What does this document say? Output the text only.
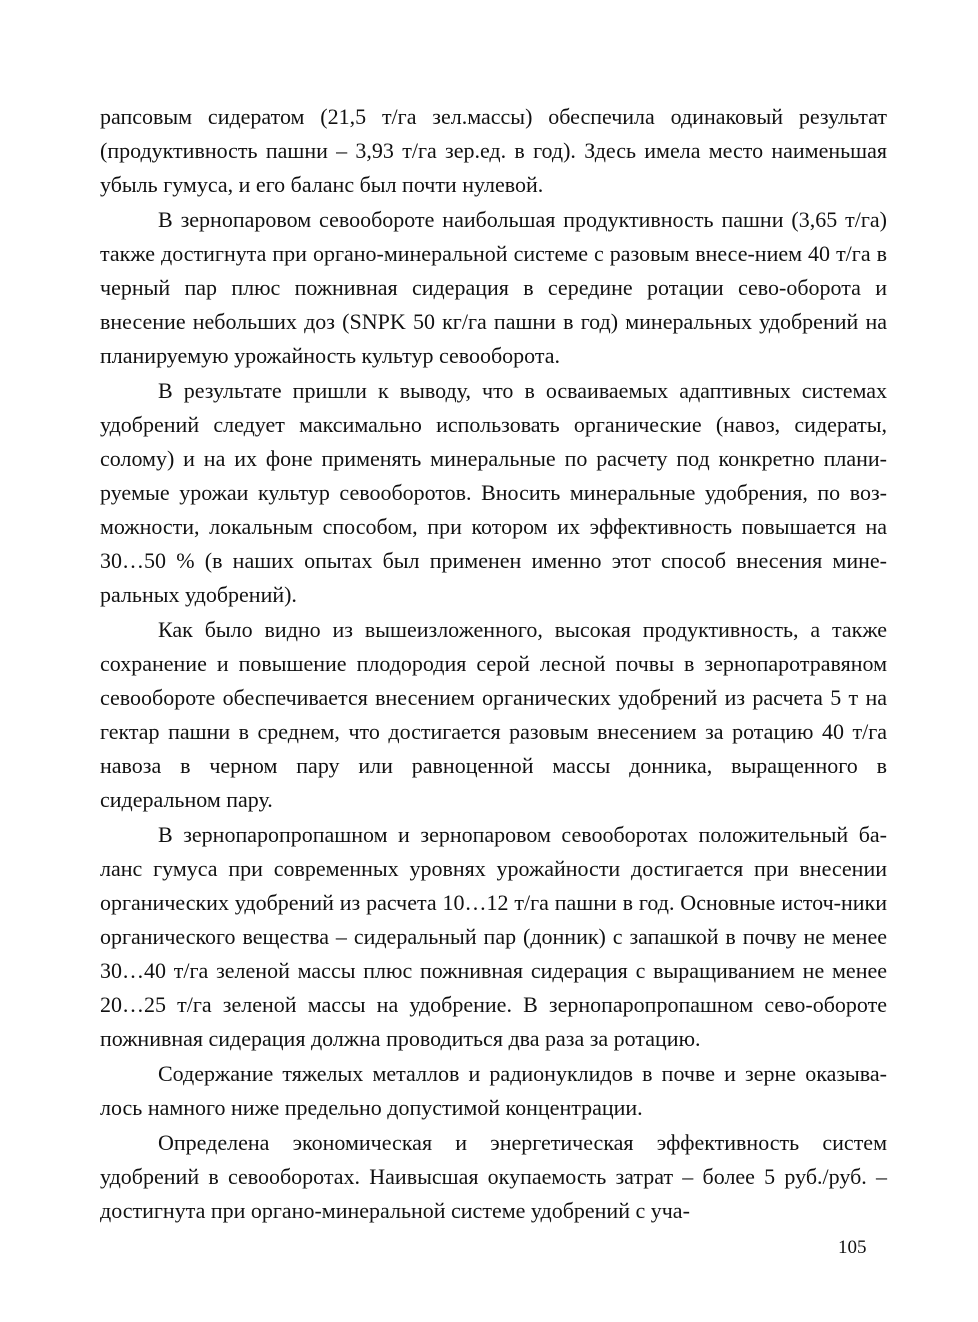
рапсовым сидератом (21,5 т/га зел.массы) обеспечила одинаковый результат (продуктивность пашни – 3,93 т/га зер.ед. в год). Здесь имела место наименьшая убыль гумуса, и его баланс был почти нулевой.

В зернопаровом севообороте наибольшая продуктивность пашни (3,65 т/га) также достигнута при органо-минеральной системе с разовым внесе-нием 40 т/га в черный пар плюс пожнивная сидерация в середине ротации сево-оборота и внесение небольших доз (SNPK 50 кг/га пашни в год) минеральных удобрений на планируемую урожайность культур севооборота.

В результате пришли к выводу, что в осваиваемых адаптивных системах удобрений следует максимально использовать органические (навоз, сидераты, солому) и на их фоне применять минеральные по расчету под конкретно плани-руемые урожаи культур севооборотов. Вносить минеральные удобрения, по воз-можности, локальным способом, при котором их эффективность повышается на 30…50 % (в наших опытах был применен именно этот способ внесения мине-ральных удобрений).

Как было видно из вышеизложенного, высокая продуктивность, а также сохранение и повышение плодородия серой лесной почвы в зернопаротравяном севообороте обеспечивается внесением органических удобрений из расчета 5 т на гектар пашни в среднем, что достигается разовым внесением за ротацию 40 т/га навоза в черном пару или равноценной массы донника, выращенного в сидеральном пару.

В зернопаропропашном и зернопаровом севооборотах положительный ба-ланс гумуса при современных уровнях урожайности достигается при внесении органических удобрений из расчета 10…12 т/га пашни в год. Основные источ-ники органического вещества – сидеральный пар (донник) с запашкой в почву не менее 30…40 т/га зеленой массы плюс пожнивная сидерация с выращиванием не менее 20…25 т/га зеленой массы на удобрение. В зернопаропропашном сево-обороте пожнивная сидерация должна проводиться два раза за ротацию.

Содержание тяжелых металлов и радионуклидов в почве и зерне оказыва-лось намного ниже предельно допустимой концентрации.

Определена экономическая и энергетическая эффективность систем удобрений в севооборотах. Наивысшая окупаемость затрат – более 5 руб./руб. – достигнута при органо-минеральной системе удобрений с уча-

105
